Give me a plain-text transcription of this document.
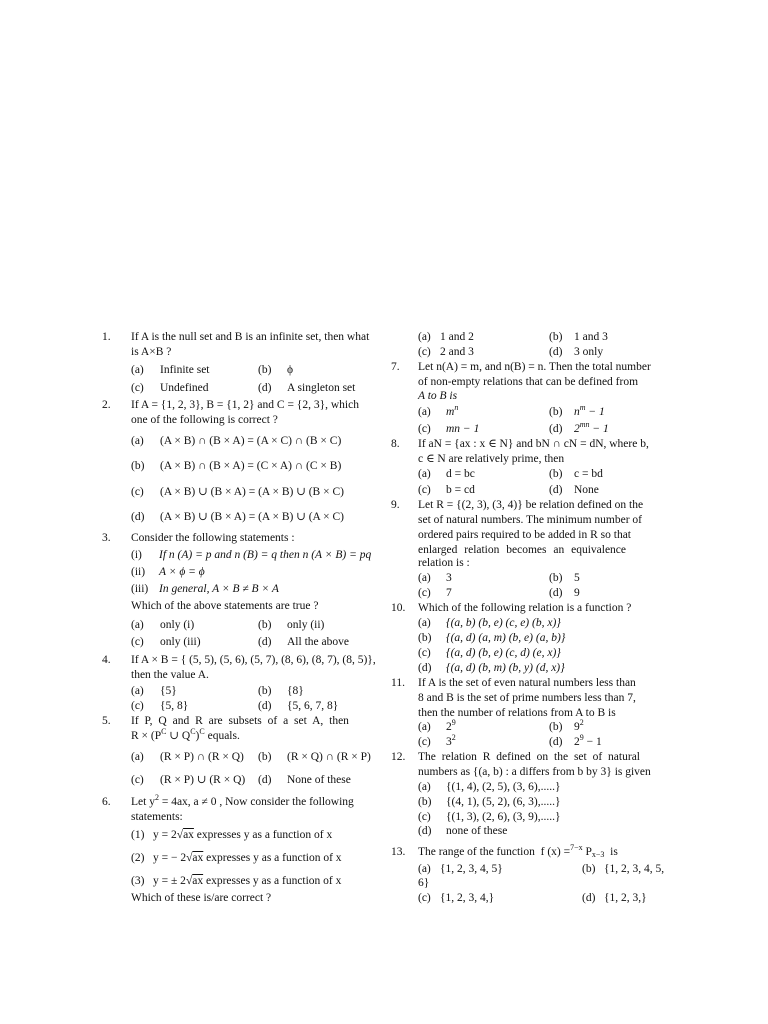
1. If A is the null set and B is an infinite set, then what
is A×B ?
(a) Infinite set	(b) ϕ
(c) Undefined	(d) A singleton set
2. If A = {1, 2, 3}, B = {1, 2} and C = {2, 3}, which
one of the following is correct ?
(a) (A × B) ∩ (B × A) = (A × C) ∩ (B × C)
(b) (A × B) ∩ (B × A) = (C × A) ∩ (C × B)
(c) (A × B) ∪ (B × A) = (A × B) ∪ (B × C)
(d) (A × B) ∪ (B × A) = (A × B) ∪ (A × C)
3. Consider the following statements :
(i) If n (A) = p and n (B) = q then n (A × B) = pq
(ii) A × ϕ = ϕ
(iii) In general, A × B ≠ B × A
Which of the above statements are true ?
(a) only (i)	(b) only (ii)
(c) only (iii)	(d) All the above
4. If A × B = { (5, 5), (5, 6), (5, 7), (8, 6), (8, 7), (8, 5)},
then the value A.
(a) {5}	(b) {8}
(c) {5, 8}	(d) {5, 6, 7, 8}
5. If P, Q and R are subsets of a set A, then
$R \times (P^C$ ∪ $Q^C)^C$ equals.
(a) (R × P) ∩ (R × Q) (b) (R × Q) ∩ (R × P)
(c) (R × P) ∪ (R × Q) (d) None of these
6. Let $y^2 = 4ax$, a ≠ 0 , Now consider the following
statements:
(1) y = 2√ax expresses y as a function of x
(2) y = − 2√ax expresses y as a function of x
(3) y = ± 2√ax expresses y as a function of x
Which of these is/are correct ?
(a) 1 and 2	(b) 1 and 3
(c) 2 and 3	(d) 3 only
7. Let n(A) = m, and n(B) = n. Then the total number
of non-empty relations that can be defined from
A to B is
(a) $m^n$	(b) $n^m - 1$
(c) mn − 1	(d) $2^{mn} - 1$
8. If aN = {ax : x ∈ N} and bN ∩ cN = dN, where b,
c ∈ N are relatively prime, then
(a) d = bc	(b) c = bd
(c) b = cd	(d) None
9. Let R = {(2, 3), (3, 4)} be relation defined on the
set of natural numbers. The minimum number of
ordered pairs required to be added in R so that
enlarged relation becomes an equivalence
relation is :
(a) 3	(b) 5
(c) 7	(d) 9
10. Which of the following relation is a function ?
(a) {(a, b) (b, e) (c, e) (b, x)}
(b) {(a, d) (a, m) (b, e) (a, b)}
(c) {(a, d) (b, e) (c, d) (e, x)}
(d) {(a, d) (b, m) (b, y) (d, x)}
11. If A is the set of even natural numbers less than
8 and B is the set of prime numbers less than 7,
then the number of relations from A to B is
(a) $2^9$	(b) $9^2$
(c) $3^2$	(d) $2^9 - 1$
12. The relation R defined on the set of natural
numbers as {(a, b) : a differs from b by 3} is given
(a) {(1, 4), (2, 5), (3, 6),.....}
(b) {(4, 1), (5, 2), (6, 3),.....}
(c) {(1, 3), (2, 6), (3, 9),.....}
(d) none of these
13. The range of the function f (x) =$^{7-x}$ $P_{x-3}$ is
(a) {1, 2, 3, 4, 5}	(b) {1, 2, 3, 4, 5,
6}
(c) {1, 2, 3, 4,}	(d) {1, 2, 3,}
